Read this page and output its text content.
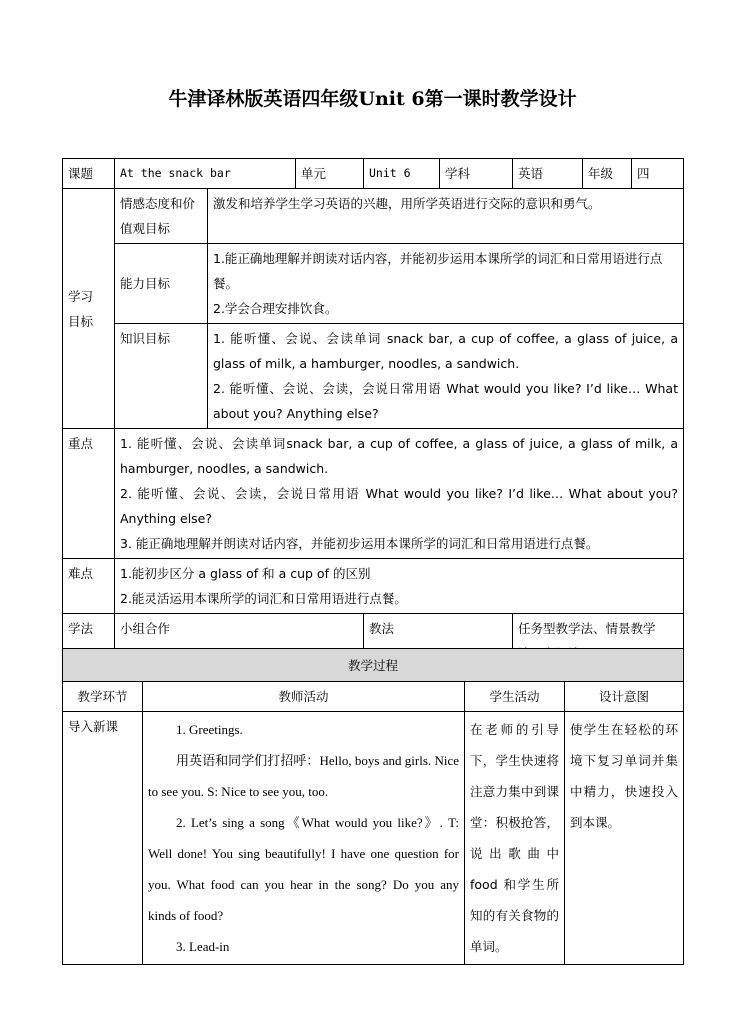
牛津译林版英语四年级Unit 6第一课时教学设计
课题	At the snack bar		单元	Unit 6	学科	英语	年级	四

学习
目标	情感态度和价值观目标	激发和培养学生学习英语的兴趣，用所学英语进行交际的意识和勇气。						
	能力目标	1.能正确地理解并朗读对话内容，并能初步运用本课所学的词汇和日常用语进行点餐。
2.学会合理安排饮食。						

	知识目标	1. 能听懂、会说、会读单词 snack bar, a cup of coffee, a glass of juice, a glass of milk, a hamburger, noodles, a sandwich.
2. 能听懂、会说、会读，会说日常用语 What would you like? I’d like… What about you? Anything else?						

重点	1. 能听懂、会说、会读单词snack bar, a cup of coffee, a glass of juice, a glass of milk, a hamburger, noodles, a sandwich.
2. 能听懂、会说、会读，会说日常用语 What would you like? I’d like… What about you? Anything else?
3. 能正确地理解并朗读对话内容，并能初步运用本课所学的词汇和日常用语进行点餐。							

难点	1.能初步区分 a glass of 和 a cup of 的区别
2.能灵活运用本课所学的词汇和日常用语进行点餐。							

学法	小组合作			教法		任务型教学法、情景教学		
教学过程			
教学环节	教师活动	学生活动	设计意图
导入新课	1. Greetings.
用英语和同学们打招呼：Hello, boys and girls. Nice to see you. S: Nice to see you, too.
2. Let’s sing a song《What would you like?》. T: Well done! You sing beautifully! I have one question for you. What food can you hear in the song? Do you any kinds of food?
3. Lead-in	在老师的引导下，学生快速将注意力集中到课堂：积极抢答，说出歌曲中 food 和学生所知的有关食物的单词。	使学生在轻松的环境下复习单词并集中精力，快速投入到本课。
